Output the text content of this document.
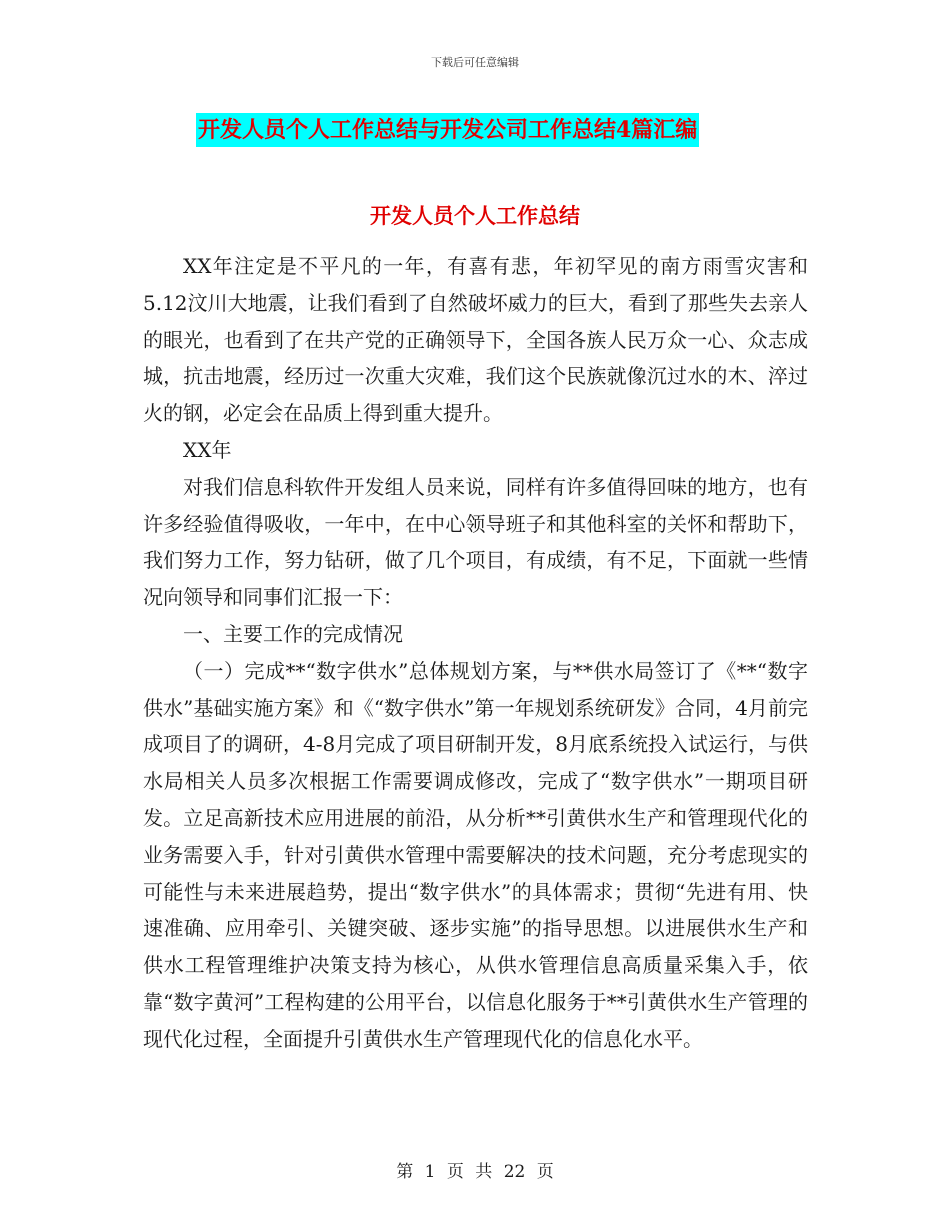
下载后可任意编辑
开发人员个人工作总结与开发公司工作总结4篇汇编
开发人员个人工作总结

XX年注定是不平凡的一年，有喜有悲，年初罕见的南方雨雪灾害和5.12汶川大地震，让我们看到了自然破坏威力的巨大，看到了那些失去亲人的眼光，也看到了在共产党的正确领导下，全国各族人民万众一心、众志成城，抗击地震，经历过一次重大灾难，我们这个民族就像沉过水的木、淬过火的钢，必定会在品质上得到重大提升。

XX年

对我们信息科软件开发组人员来说，同样有许多值得回味的地方，也有许多经验值得吸收，一年中，在中心领导班子和其他科室的关怀和帮助下，我们努力工作，努力钻研，做了几个项目，有成绩，有不足，下面就一些情况向领导和同事们汇报一下：

一、主要工作的完成情况

（一）完成**“数字供水”总体规划方案，与**供水局签订了《**“数字供水”基础实施方案》和《“数字供水”第一年规划系统研发》合同，4月前完成项目了的调研，4-8月完成了项目研制开发，8月底系统投入试运行，与供水局相关人员多次根据工作需要调成修改，完成了“数字供水”一期项目研发。立足高新技术应用进展的前沿，从分析**引黄供水生产和管理现代化的业务需要入手，针对引黄供水管理中需要解决的技术问题，充分考虑现实的可能性与未来进展趋势，提出“数字供水”的具体需求；贯彻“先进有用、快速准确、应用牵引、关键突破、逐步实施”的指导思想。以进展供水生产和供水工程管理维护决策支持为核心，从供水管理信息高质量采集入手，依靠“数字黄河”工程构建的公用平台，以信息化服务于**引黄供水生产管理的现代化过程，全面提升引黄供水生产管理现代化的信息化水平。

第 1 页 共 22 页
